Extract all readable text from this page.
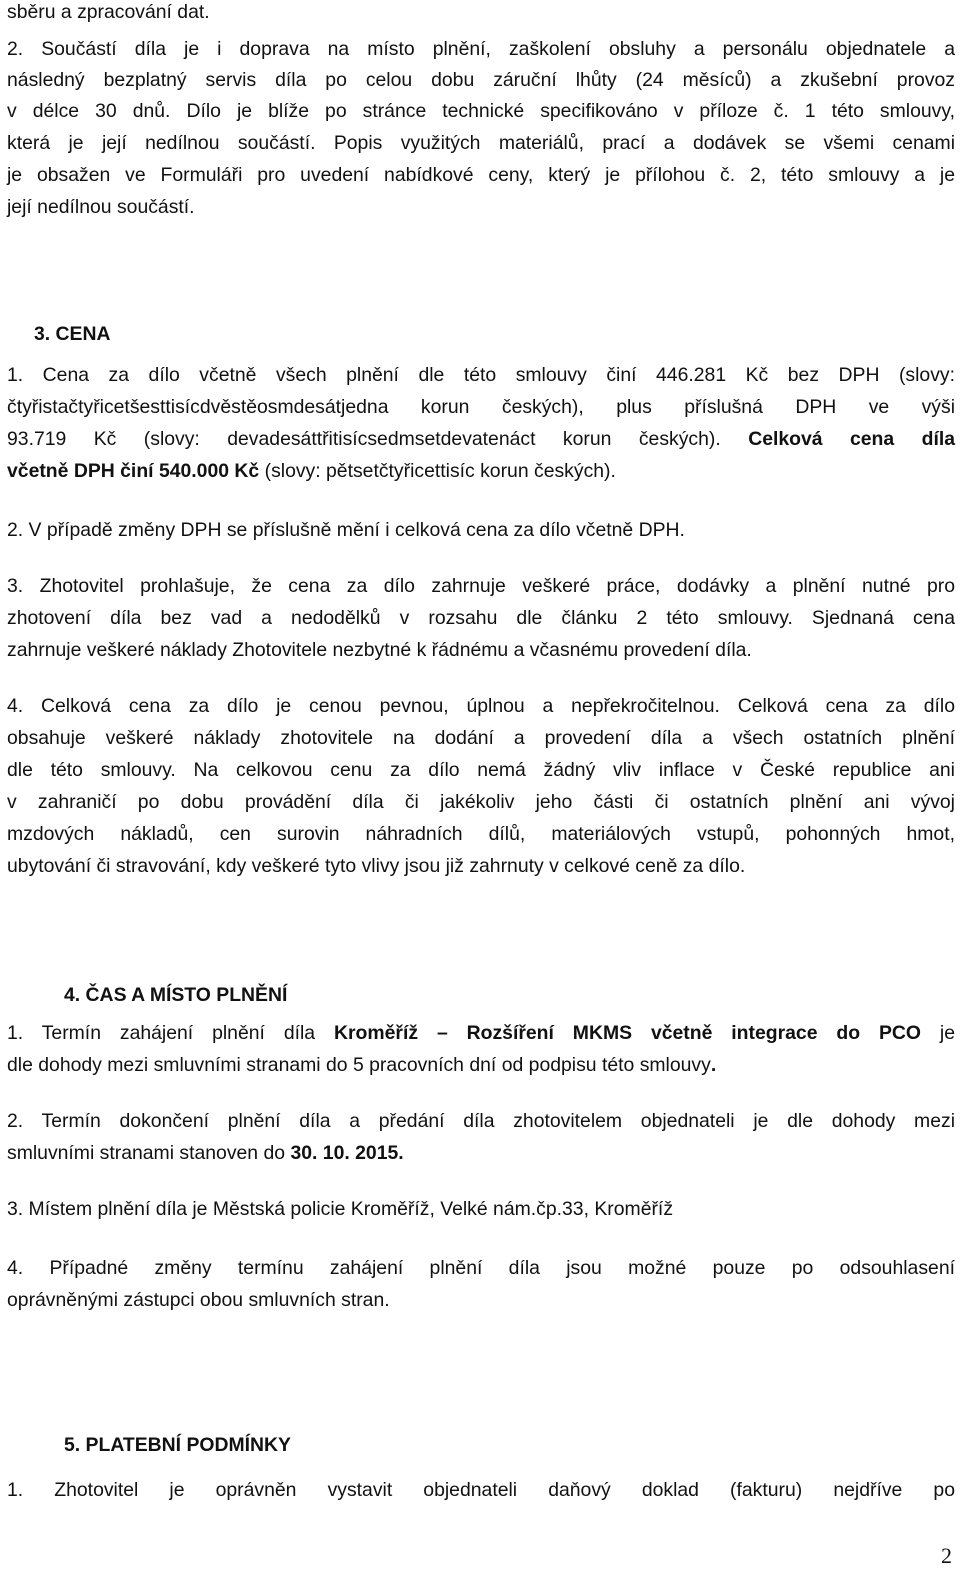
sběru a zpracování dat.
2. Součástí díla je i doprava na místo plnění, zaškolení obsluhy a personálu objednatele a
následný bezplatný servis díla po celou dobu záruční lhůty (24 měsíců) a zkušební provoz
v délce 30 dnů. Dílo je blíže po stránce technické specifikováno v příloze č. 1 této smlouvy,
která je její nedílnou součástí. Popis využitých materiálů, prací a dodávek se všemi cenami
je obsažen ve Formuláři pro uvedení nabídkové ceny, který je přílohou č. 2, této smlouvy a je
její nedílnou součástí.
3. CENA
1. Cena za dílo včetně všech plnění dle této smlouvy činí 446.281 Kč bez DPH (slovy:
čtyřistačtyřicetšesttisícdvěstěosmdesátjedna korun českých), plus příslušná DPH ve výši
93.719 Kč (slovy: devadesáttřitisícsedmsetdevatenáct korun českých). Celková cena díla
včetně DPH činí 540.000 Kč (slovy: pětsetčtyřicettisíc korun českých).
2. V případě změny DPH se příslušně mění i celková cena za dílo včetně DPH.
3. Zhotovitel prohlašuje, že cena za dílo zahrnuje veškeré práce, dodávky a plnění nutné pro
zhotovení díla bez vad a nedodělků v rozsahu dle článku 2 této smlouvy. Sjednaná cena
zahrnuje veškeré náklady Zhotovitele nezbytné k řádnému a včasnému provedení díla.
4. Celková cena za dílo je cenou pevnou, úplnou a nepřekročitelnou. Celková cena za dílo
obsahuje veškeré náklady zhotovitele na dodání a provedení díla a všech ostatních plnění
dle této smlouvy. Na celkovou cenu za dílo nemá žádný vliv inflace v České republice ani
v zahraničí po dobu provádění díla či jakékoliv jeho části či ostatních plnění ani vývoj
mzdových nákladů, cen surovin náhradních dílů, materiálových vstupů, pohonných hmot,
ubytování či stravování, kdy veškeré tyto vlivy jsou již zahrnuty v celkové ceně za dílo.
4. ČAS A MÍSTO PLNĚNÍ
1. Termín zahájení plnění díla Kroměříž – Rozšíření MKMS včetně integrace do PCO je
dle dohody mezi smluvními stranami do 5 pracovních dní od podpisu této smlouvy.
2. Termín dokončení plnění díla a předání díla zhotovitelem objednateli je dle dohody mezi
smluvními stranami stanoven do 30. 10. 2015.
3. Místem plnění díla je Městská policie Kroměříž, Velké nám.čp.33, Kroměříž
4. Případné změny termínu zahájení plnění díla jsou možné pouze po odsouhlasení
oprávněnými zástupci obou smluvních stran.
5. PLATEBNÍ PODMÍNKY
1. Zhotovitel je oprávněn vystavit objednateli daňový doklad (fakturu) nejdříve po
2
